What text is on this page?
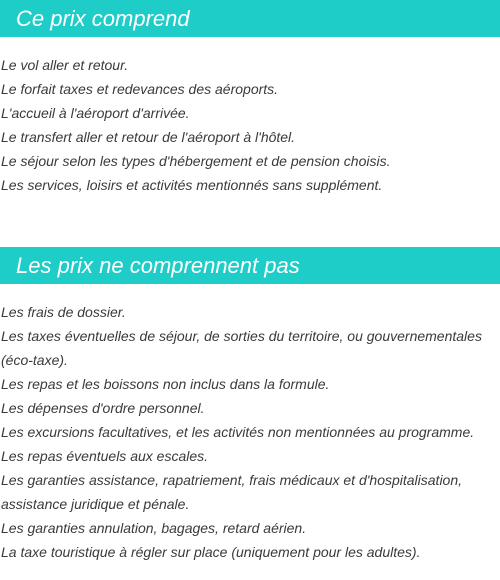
Ce prix comprend
Le vol aller et retour.
Le forfait taxes et redevances des aéroports.
L'accueil à l'aéroport d'arrivée.
Le transfert aller et retour de l'aéroport à l'hôtel.
Le séjour selon les types d'hébergement et de pension choisis.
Les services, loisirs et activités mentionnés sans supplément.
Les prix ne comprennent pas
Les frais de dossier.
Les taxes éventuelles de séjour, de sorties du territoire, ou gouvernementales (éco-taxe).
Les repas et les boissons non inclus dans la formule.
Les dépenses d'ordre personnel.
Les excursions facultatives, et les activités non mentionnées au programme.
Les repas éventuels aux escales.
Les garanties assistance, rapatriement, frais médicaux et d'hospitalisation, assistance juridique et pénale.
Les garanties annulation, bagages, retard aérien.
La taxe touristique à régler sur place (uniquement pour les adultes).
